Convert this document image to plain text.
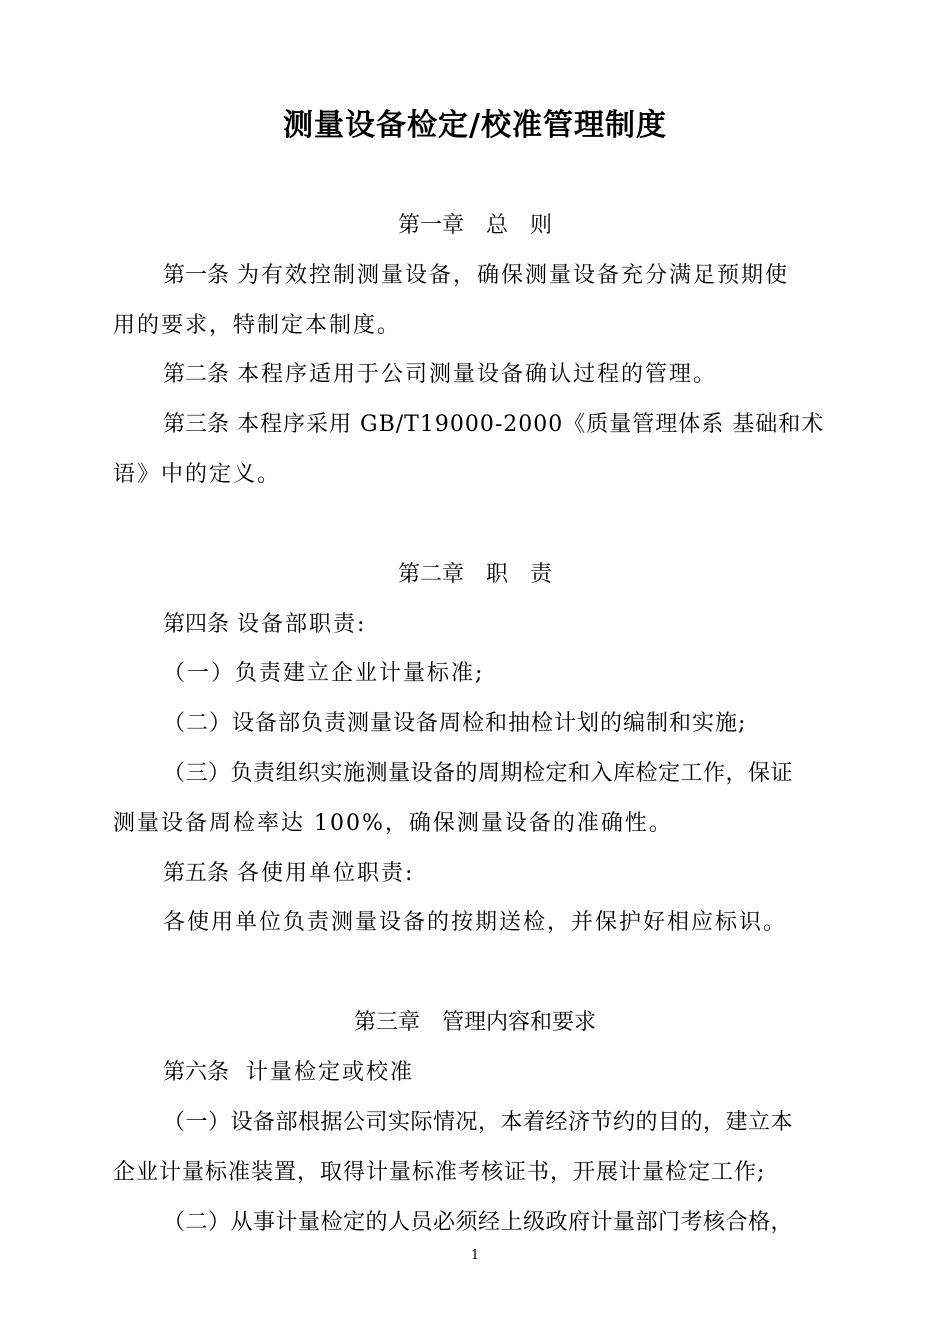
测量设备检定/校准管理制度
第一章　总　则
第一条 为有效控制测量设备，确保测量设备充分满足预期使
用的要求，特制定本制度。
第二条 本程序适用于公司测量设备确认过程的管理。
第三条 本程序采用 GB/T19000-2000《质量管理体系 基础和术
语》中的定义。
第二章　职　责
第四条 设备部职责:
（一）负责建立企业计量标准;
（二）设备部负责测量设备周检和抽检计划的编制和实施;
（三）负责组织实施测量设备的周期检定和入库检定工作，保证
测量设备周检率达 100%，确保测量设备的准确性。
第五条 各使用单位职责:
各使用单位负责测量设备的按期送检，并保护好相应标识。
第三章　管理内容和要求
第六条 计量检定或校准
（一）设备部根据公司实际情况，本着经济节约的目的，建立本
企业计量标准装置，取得计量标准考核证书，开展计量检定工作;
（二）从事计量检定的人员必须经上级政府计量部门考核合格，
1
